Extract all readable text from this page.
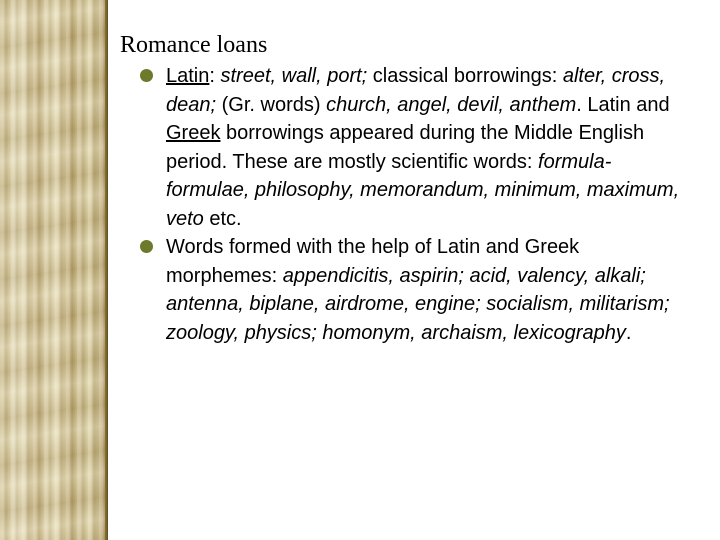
Romance loans
Latin: street, wall, port; classical borrowings: alter, cross, dean; (Gr. words) church, angel, devil, anthem. Latin and Greek borrowings appeared during the Middle English period. These are mostly scientific words: formula-formulae, philosophy, memorandum, minimum, maximum, veto etc.
Words formed with the help of Latin and Greek morphemes: appendicitis, aspirin; acid, valency, alkali; antenna, biplane, airdrome, engine; socialism, militarism; zoology, physics; homonym, archaism, lexicography.
